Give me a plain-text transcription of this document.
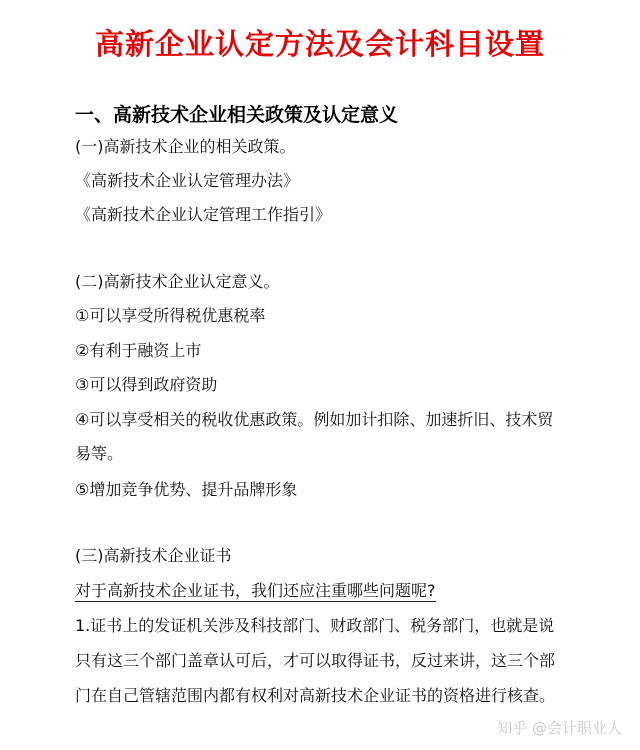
高新企业认定方法及会计科目设置
一、高新技术企业相关政策及认定意义
(一)高新技术企业的相关政策。
《高新技术企业认定管理办法》
《高新技术企业认定管理工作指引》
(二)高新技术企业认定意义。
①可以享受所得税优惠税率
②有利于融资上市
③可以得到政府资助
④可以享受相关的税收优惠政策。例如加计扣除、加速折旧、技术贸
易等。
⑤增加竞争优势、提升品牌形象
(三)高新技术企业证书
对于高新技术企业证书，我们还应注重哪些问题呢?
1.证书上的发证机关涉及科技部门、财政部门、税务部门，也就是说
只有这三个部门盖章认可后，才可以取得证书，反过来讲，这三个部
门在自己管辖范围内都有权利对高新技术企业证书的资格进行核查。
知乎 @会计职业人
